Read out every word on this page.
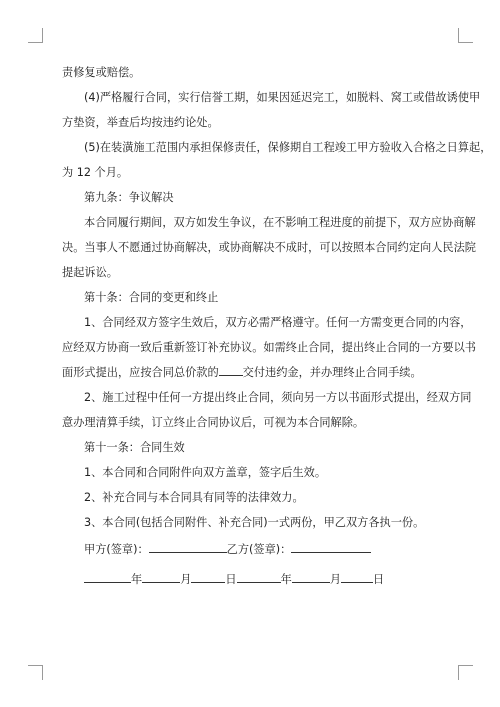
责修复或赔偿。

(4)严格履行合同，实行信誉工期，如果因延迟完工，如脱料、窝工或借故诱使甲

方垫资，举查后均按违约论处。

(5)在装潢施工范围内承担保修责任，保修期自工程竣工甲方验收入合格之日算起，

为 12 个月。

第九条：争议解决

本合同履行期间，双方如发生争议，在不影响工程进度的前提下，双方应协商解

决。当事人不愿通过协商解决，或协商解决不成时，可以按照本合同约定向人民法院

提起诉讼。

第十条：合同的变更和终止

1、合同经双方签字生效后，双方必需严格遵守。任何一方需变更合同的内容，

应经双方协商一致后重新签订补充协议。如需终止合同，提出终止合同的一方要以书

面形式提出，应按合同总价款的 交付违约金，并办理终止合同手续。

2、施工过程中任何一方提出终止合同，须向另一方以书面形式提出，经双方同

意办理清算手续，订立终止合同协议后，可视为本合同解除。

第十一条：合同生效

1、本合同和合同附件向双方盖章，签字后生效。

2、补充合同与本合同具有同等的法律效力。

3、本合同(包括合同附件、补充合同)一式两份，甲乙双方各执一份。

甲方(签章)：	乙方(签章)：

年	月	日	年	月	日
